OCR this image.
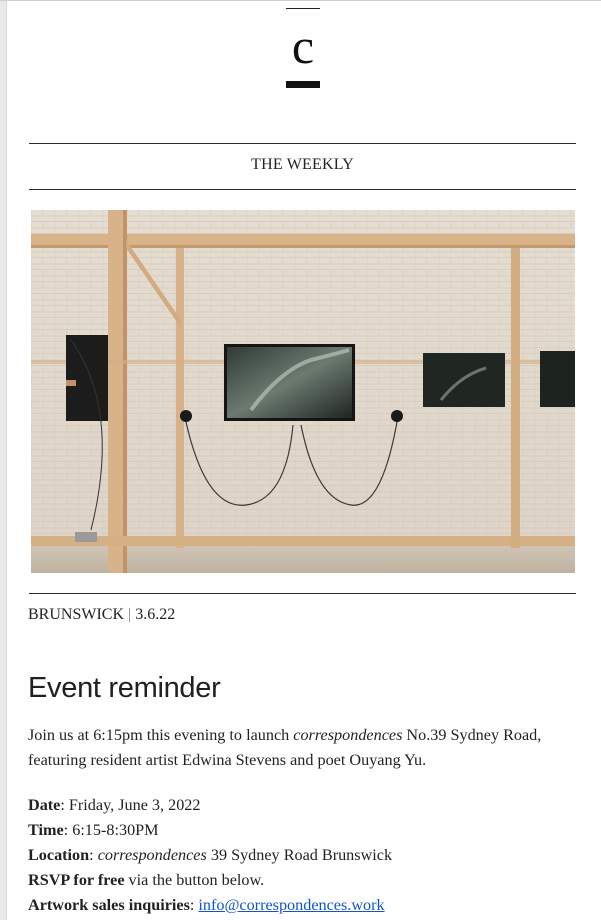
c
THE WEEKLY
BRUNSWICK | 3.6.22
Event reminder

Join us at 6:15pm this evening to launch correspondences No.39 Sydney Road, featuring resident artist Edwina Stevens and poet Ouyang Yu.

Date: Friday, June 3, 2022
Time: 6:15-8:30PM
Location: correspondences 39 Sydney Road Brunswick
RSVP for free via the button below.
Artwork sales inquiries: info@correspondences.work
